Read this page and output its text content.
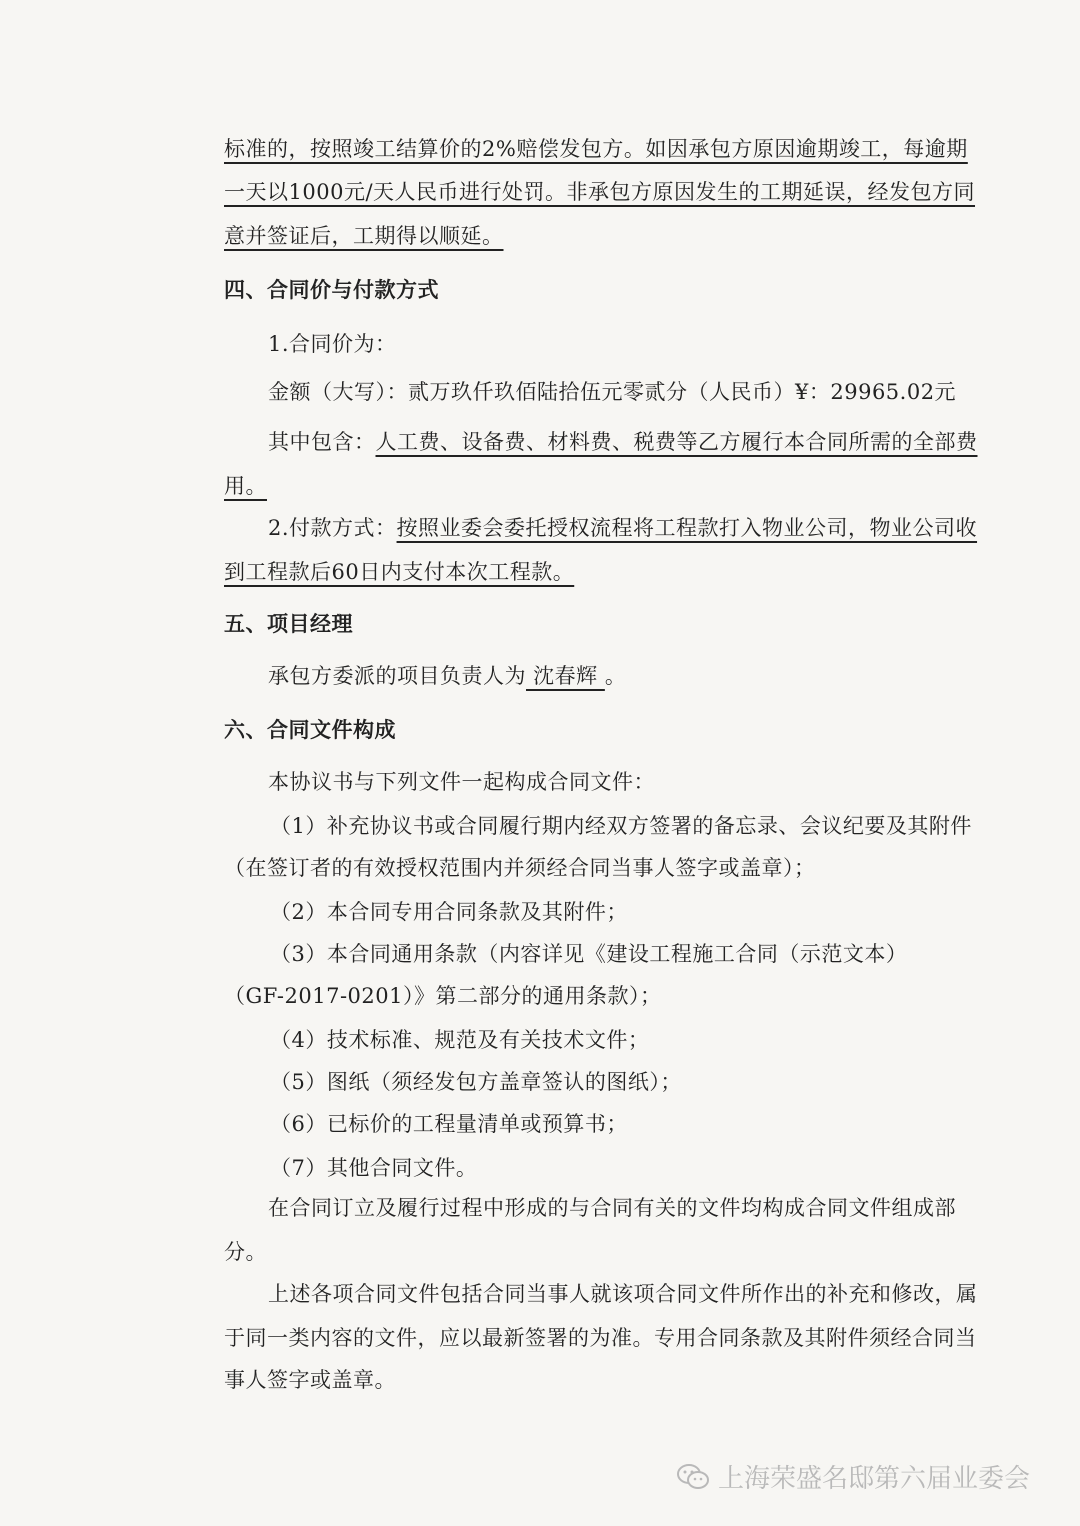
标准的，按照竣工结算价的2%赔偿发包方。如因承包方原因逾期竣工，每逾期
一天以1000元/天人民币进行处罚。非承包方原因发生的工期延误，经发包方同
意并签证后，工期得以顺延。
四、合同价与付款方式
1.合同价为：
金额（大写）：贰万玖仟玖佰陆拾伍元零贰分（人民币）¥：29965.02元
其中包含：人工费、设备费、材料费、税费等乙方履行本合同所需的全部费
用。
2.付款方式：按照业委会委托授权流程将工程款打入物业公司，物业公司收
到工程款后60日内支付本次工程款。
五、项目经理
承包方委派的项目负责人为 沈春辉 。
六、合同文件构成
本协议书与下列文件一起构成合同文件：
（1）补充协议书或合同履行期内经双方签署的备忘录、会议纪要及其附件
（在签订者的有效授权范围内并须经合同当事人签字或盖章）；
（2）本合同专用合同条款及其附件；
（3）本合同通用条款（内容详见《建设工程施工合同（示范文本）
（GF-2017-0201）》第二部分的通用条款）；
（4）技术标准、规范及有关技术文件；
（5）图纸（须经发包方盖章签认的图纸）；
（6）已标价的工程量清单或预算书；
（7）其他合同文件。
在合同订立及履行过程中形成的与合同有关的文件均构成合同文件组成部
分。
上述各项合同文件包括合同当事人就该项合同文件所作出的补充和修改，属
于同一类内容的文件，应以最新签署的为准。专用合同条款及其附件须经合同当
事人签字或盖章。
上海荣盛名邸第六届业委会
